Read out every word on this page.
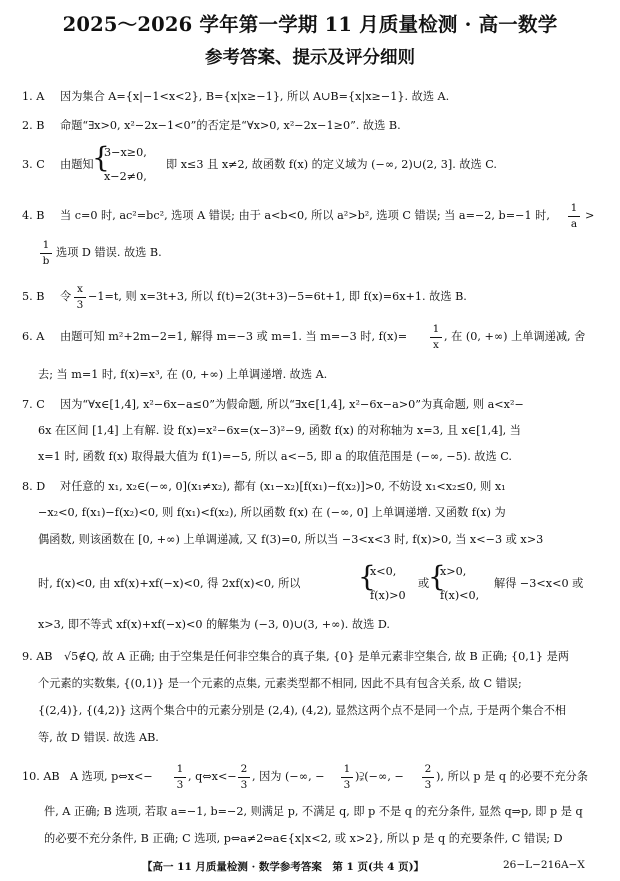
2025～2026 学年第一学期 11 月质量检测 · 高一数学
参考答案、提示及评分细则
1. A 因为集合 A={x|−1<x<2}, B={x|x≥−1}, 所以 A∪B={x|x≥−1}. 故选 A.
2. B 命题“∃x>0, x²−2x−1<0”的否定是“∀x>0, x²−2x−1≥0”. 故选 B.
3. C 由题知
{
3−x≥0,
x−2≠0,
即 x≤3 且 x≠2, 故函数 f(x) 的定义域为 (−∞, 2)∪(2, 3]. 故选 C.
4. B 当 c=0 时, ac²=bc², 选项 A 错误; 由于 a<b<0, 所以 a²>b², 选项 C 错误; 当 a=−2, b=−1 时,
1
a
>
1
b
选项 D 错误. 故选 B.
5. B 令
x
3
−1=t, 则 x=3t+3, 所以 f(t)=2(3t+3)−5=6t+1, 即 f(x)=6x+1. 故选 B.
6. A 由题可知 m²+2m−2=1, 解得 m=−3 或 m=1. 当 m=−3 时, f(x)=
1
x
, 在 (0, +∞) 上单调递减, 舍
去; 当 m=1 时, f(x)=x³, 在 (0, +∞) 上单调递增. 故选 A.
7. C 因为“∀x∈[1,4], x²−6x−a≤0”为假命题, 所以“∃x∈[1,4], x²−6x−a>0”为真命题, 则 a<x²−
6x 在区间 [1,4] 上有解. 设 f(x)=x²−6x=(x−3)²−9, 函数 f(x) 的对称轴为 x=3, 且 x∈[1,4], 当
x=1 时, 函数 f(x) 取得最大值为 f(1)=−5, 所以 a<−5, 即 a 的取值范围是 (−∞, −5). 故选 C.
8. D 对任意的 x₁, x₂∈(−∞, 0](x₁≠x₂), 都有 (x₁−x₂)[f(x₁)−f(x₂)]>0, 不妨设 x₁<x₂≤0, 则 x₁
−x₂<0, f(x₁)−f(x₂)<0, 则 f(x₁)<f(x₂), 所以函数 f(x) 在 (−∞, 0] 上单调递增. 又函数 f(x) 为
偶函数, 则该函数在 [0, +∞) 上单调递减, 又 f(3)=0, 所以当 −3<x<3 时, f(x)>0, 当 x<−3 或 x>3
时, f(x)<0, 由 xf(x)+xf(−x)<0, 得 2xf(x)<0, 所以 {
x<0,
f(x)>0
或
{
x>0,
f(x)<0,
解得 −3<x<0 或
x>3, 即不等式 xf(x)+xf(−x)<0 的解集为 (−3, 0)∪(3, +∞). 故选 D.
9. AB √5∉Q, 故 A 正确; 由于空集是任何非空集合的真子集, {0} 是单元素非空集合, 故 B 正确; {0,1} 是两
个元素的实数集, {(0,1)} 是一个元素的点集, 元素类型都不相同, 因此不具有包含关系, 故 C 错误;
{(2,4)}, {(4,2)} 这两个集合中的元素分别是 (2,4), (4,2), 显然这两个点不是同一个点, 于是两个集合不相
等, 故 D 错误. 故选 AB.
10. AB A 选项, p⇔x<−
1
3
, q⇔x<−
2
3
, 因为 (−∞, −
1
3
)⫌(−∞, −
2
3
), 所以 p 是 q 的必要不充分条
件, A 正确; B 选项, 若取 a=−1, b=−2, 则满足 p, 不满足 q, 即 p 不是 q 的充分条件, 显然 q⇒p, 即 p 是 q
的必要不充分条件, B 正确; C 选项, p⇔a≠2⇔a∈{x|x<2, 或 x>2}, 所以 p 是 q 的充要条件, C 错误; D
【高一 11 月质量检测 · 数学参考答案　第 1 页(共 4 页)】	26−L−216A−X
